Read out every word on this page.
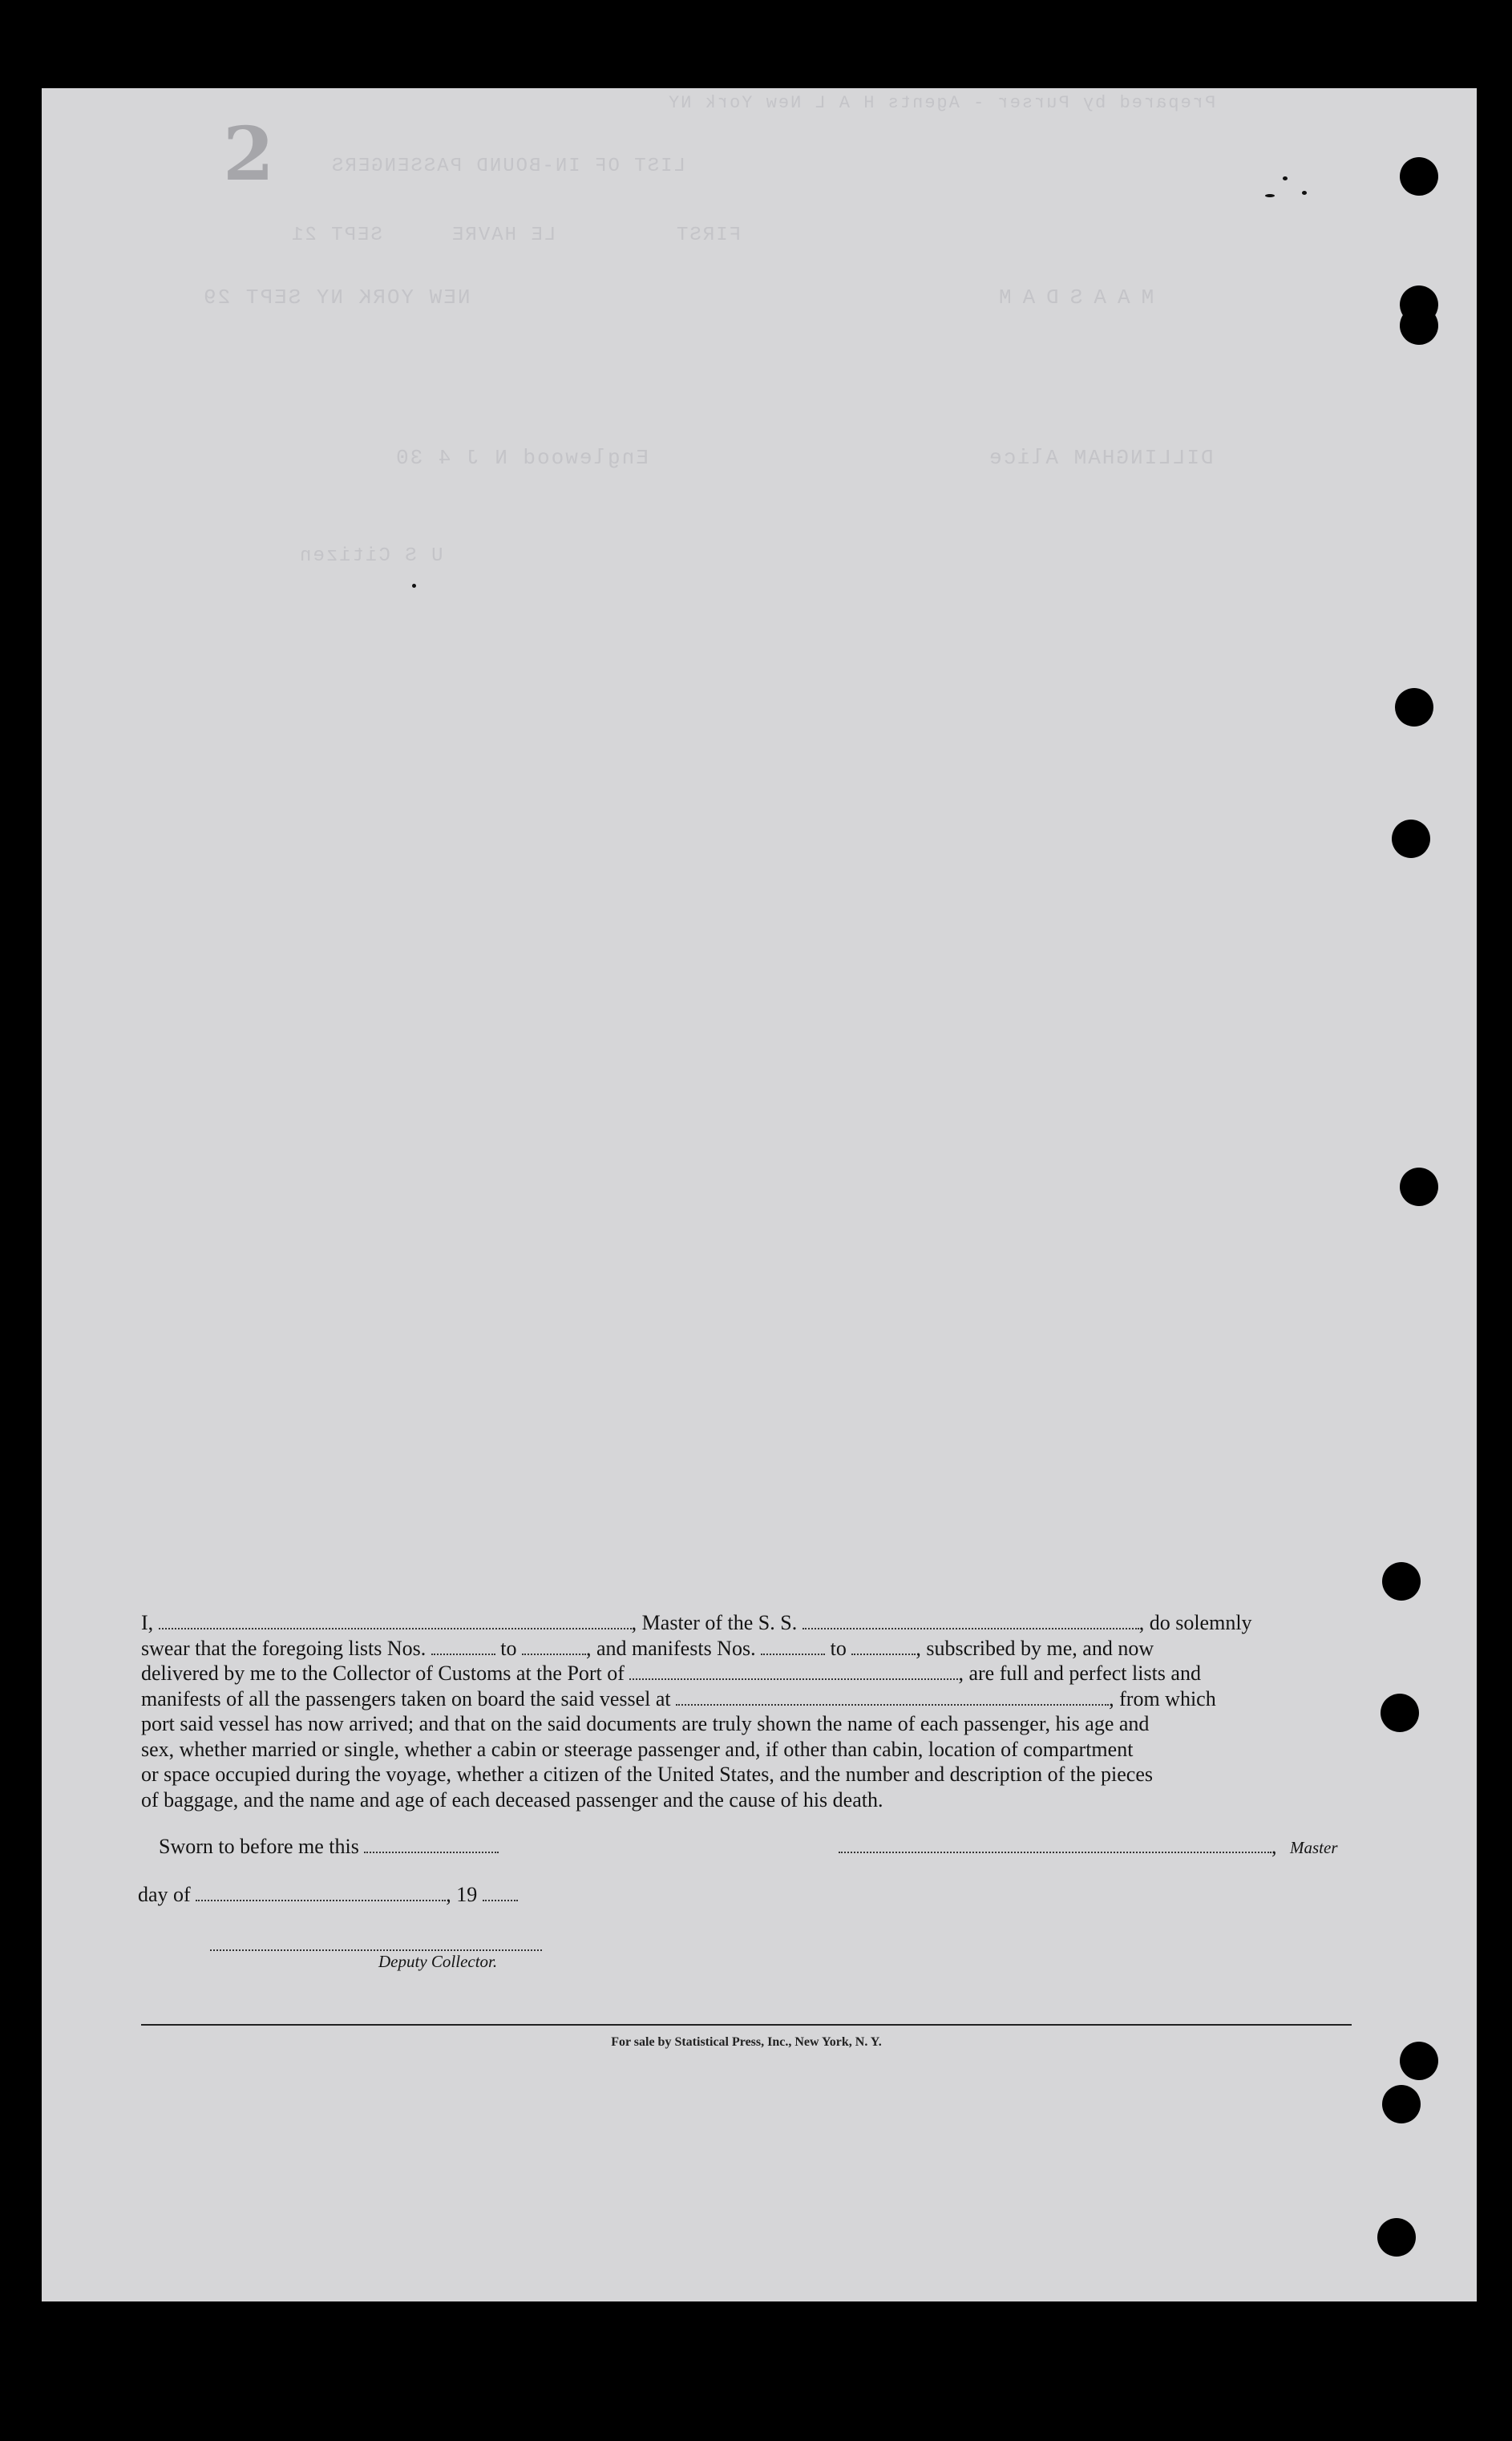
Prepared by Purser - Agents H A L New York NY
LIST OF IN-BOUND PASSENGERS
FIRST
LE HAVRE
SEPT 21
MAASDAM
NEW YORK NY SEPT 29
DILLINGHAM Alice
Englewood N J 4 30
U S Citizen
2

I,	, Master of the S. S.	, do solemnly

swear that the foregoing lists Nos.	to	, and manifests Nos.	to	, subscribed by me, and now

delivered by me to the Collector of Customs at the Port of	, are full and perfect lists and

manifests of all the passengers taken on board the said vessel at	, from which

port said vessel has now arrived; and that on the said documents are truly shown the name of each passenger, his age and

sex, whether married or single, whether a cabin or steerage passenger and, if other than cabin, location of compartment

or space occupied during the voyage, whether a citizen of the United States, and the number and description of the pieces

of baggage, and the name and age of each deceased passenger and the cause of his death.

Sworn to before me this	, Master
day of	, 19
Deputy Collector.
For sale by Statistical Press, Inc., New York, N. Y.
